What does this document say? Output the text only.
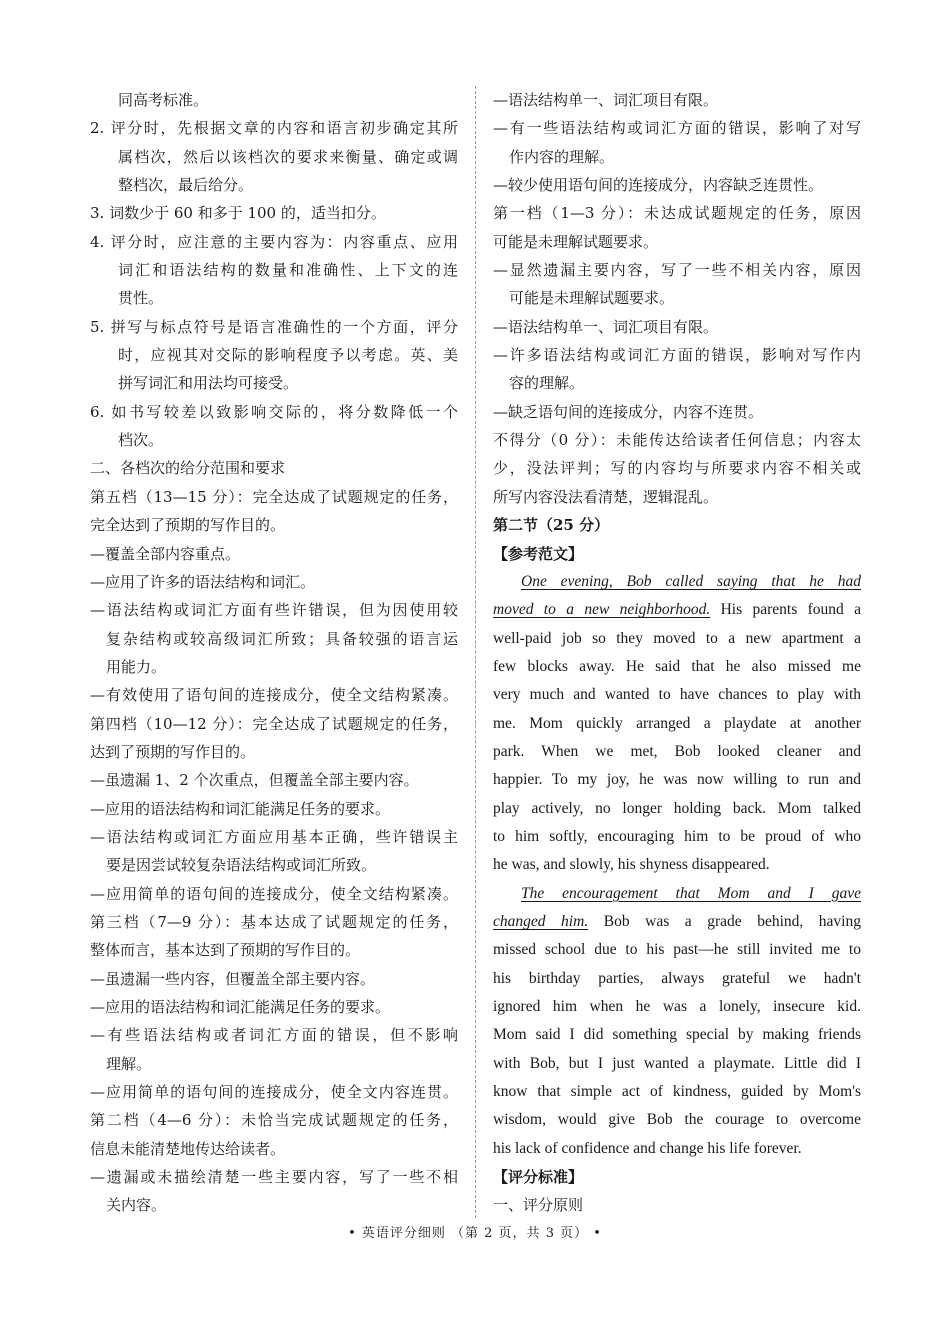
同高考标准。
2. 评分时，先根据文章的内容和语言初步确定其所
属档次，然后以该档次的要求来衡量、确定或调
整档次，最后给分。
3. 词数少于 60 和多于 100 的，适当扣分。
4. 评分时，应注意的主要内容为：内容重点、应用
词汇和语法结构的数量和准确性、上下文的连
贯性。
5. 拼写与标点符号是语言准确性的一个方面，评分
时，应视其对交际的影响程度予以考虑。英、美
拼写词汇和用法均可接受。
6. 如书写较差以致影响交际的，将分数降低一个
档次。
二、各档次的给分范围和要求
第五档（13—15 分）：完全达成了试题规定的任务，
完全达到了预期的写作目的。
—覆盖全部内容重点。
—应用了许多的语法结构和词汇。
—语法结构或词汇方面有些许错误，但为因使用较
复杂结构或较高级词汇所致；具备较强的语言运
用能力。
—有效使用了语句间的连接成分，使全文结构紧凑。
第四档（10—12 分）：完全达成了试题规定的任务，
达到了预期的写作目的。
—虽遗漏 1、2 个次重点，但覆盖全部主要内容。
—应用的语法结构和词汇能满足任务的要求。
—语法结构或词汇方面应用基本正确，些许错误主
要是因尝试较复杂语法结构或词汇所致。
—应用简单的语句间的连接成分，使全文结构紧凑。
第三档（7—9 分）：基本达成了试题规定的任务，
整体而言，基本达到了预期的写作目的。
—虽遗漏一些内容，但覆盖全部主要内容。
—应用的语法结构和词汇能满足任务的要求。
—有些语法结构或者词汇方面的错误，但不影响
理解。
—应用简单的语句间的连接成分，使全文内容连贯。
第二档（4—6 分）：未恰当完成试题规定的任务，
信息未能清楚地传达给读者。
—遗漏或未描绘清楚一些主要内容，写了一些不相
关内容。
—语法结构单一、词汇项目有限。
—有一些语法结构或词汇方面的错误，影响了对写
作内容的理解。
—较少使用语句间的连接成分，内容缺乏连贯性。
第一档（1—3 分）：未达成试题规定的任务，原因
可能是未理解试题要求。
—显然遗漏主要内容，写了一些不相关内容，原因
可能是未理解试题要求。
—语法结构单一、词汇项目有限。
—许多语法结构或词汇方面的错误，影响对写作内
容的理解。
—缺乏语句间的连接成分，内容不连贯。
不得分（0 分）：未能传达给读者任何信息；内容太
少，没法评判；写的内容均与所要求内容不相关或
所写内容没法看清楚，逻辑混乱。
第二节（25 分）
【参考范文】
One evening, Bob called saying that he had
moved to a new neighborhood. His parents found a
well-paid job so they moved to a new apartment a
few blocks away. He said that he also missed me
very much and wanted to have chances to play with
me. Mom quickly arranged a playdate at another
park. When we met, Bob looked cleaner and
happier. To my joy, he was now willing to run and
play actively, no longer holding back. Mom talked
to him softly, encouraging him to be proud of who
he was, and slowly, his shyness disappeared.
The encouragement that Mom and I gave
changed him. Bob was a grade behind, having
missed school due to his past—he still invited me to
his birthday parties, always grateful we hadn't
ignored him when he was a lonely, insecure kid.
Mom said I did something special by making friends
with Bob, but I just wanted a playmate. Little did I
know that simple act of kindness, guided by Mom's
wisdom, would give Bob the courage to overcome
his lack of confidence and change his life forever.
【评分标准】
一、评分原则
• 英语评分细则 （第 2 页，共 3 页） •
